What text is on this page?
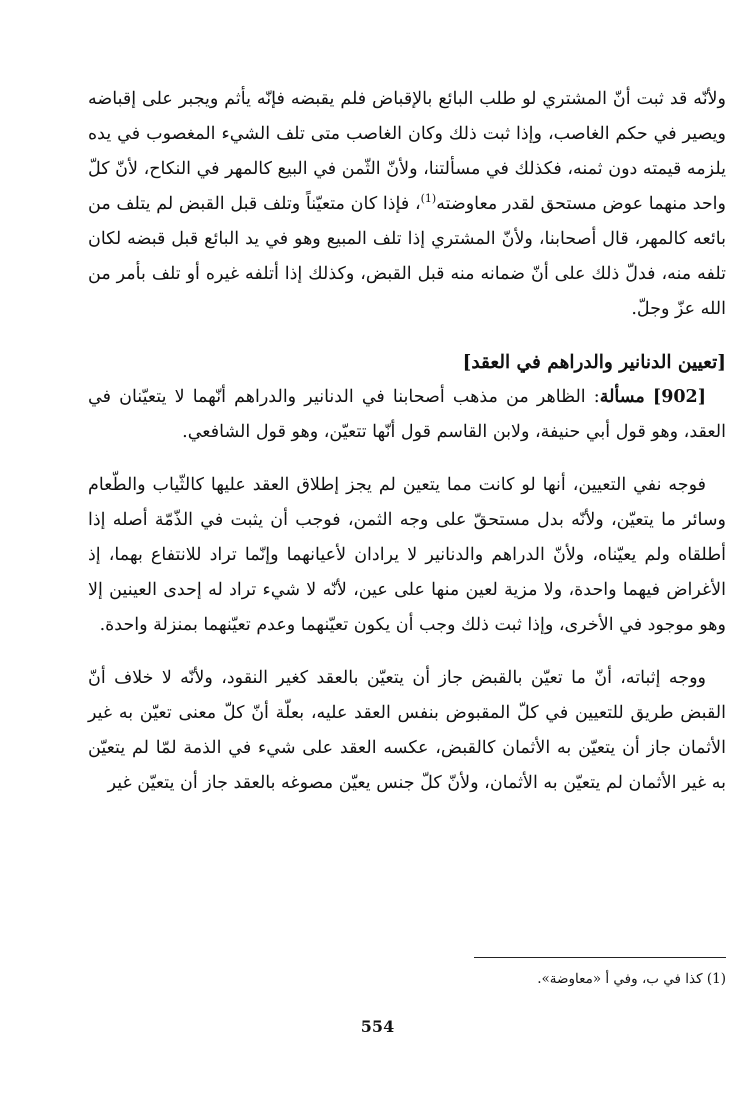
ولأنّه قد ثبت أنّ المشتري لو طلب البائع بالإقباض فلم يقبضه فإنّه يأثم ويجبر على إقباضه ويصير في حكم الغاصب، وإذا ثبت ذلك وكان الغاصب متى تلف الشيء المغصوب في يده يلزمه قيمته دون ثمنه، فكذلك في مسألتنا، ولأنّ الثّمن في البيع كالمهر في النكاح، لأنّ كلّ واحد منهما عوض مستحق لقدر معاوضته$^{(1)}$، فإذا كان متعيّناً وتلف قبل القبض لم يتلف من بائعه كالمهر، قال أصحابنا، ولأنّ المشتري إذا تلف المبيع وهو في يد البائع قبل قبضه لكان تلفه منه، فدلّ ذلك على أنّ ضمانه منه قبل القبض، وكذلك إذا أتلفه غيره أو تلف بأمر من الله عزّ وجلّ.

[تعيين الدنانير والدراهم في العقد]

[902] مسألة: الظاهر من مذهب أصحابنا في الدنانير والدراهم أنّهما لا يتعيّنان في العقد، وهو قول أبي حنيفة، ولابن القاسم قول أنّها تتعيّن، وهو قول الشافعي.

فوجه نفي التعيين، أنها لو كانت مما يتعين لم يجز إطلاق العقد عليها كالثّياب والطّعام وسائر ما يتعيّن، ولأنّه بدل مستحقّ على وجه الثمن، فوجب أن يثبت في الذّمّة أصله إذا أطلقاه ولم يعيّناه، ولأنّ الدراهم والدنانير لا يرادان لأعيانهما وإنّما تراد للانتفاع بهما، إذ الأغراض فيهما واحدة، ولا مزية لعين منها على عين، لأنّه لا شيء تراد له إحدى العينين إلا وهو موجود في الأخرى، وإذا ثبت ذلك وجب أن يكون تعيّنهما وعدم تعيّنهما بمنزلة واحدة.

ووجه إثباته، أنّ ما تعيّن بالقبض جاز أن يتعيّن بالعقد كغير النقود، ولأنّه لا خلاف أنّ القبض طريق للتعيين في كلّ المقبوض بنفس العقد عليه، بعلّة أنّ كلّ معنى تعيّن به غير الأثمان جاز أن يتعيّن به الأثمان كالقبض، عكسه العقد على شيء في الذمة لمّا لم يتعيّن به غير الأثمان لم يتعيّن به الأثمان، ولأنّ كلّ جنس يعيّن مصوغه بالعقد جاز أن يتعيّن غير

(1) كذا في ب، وفي أ «معاوضة».
554
